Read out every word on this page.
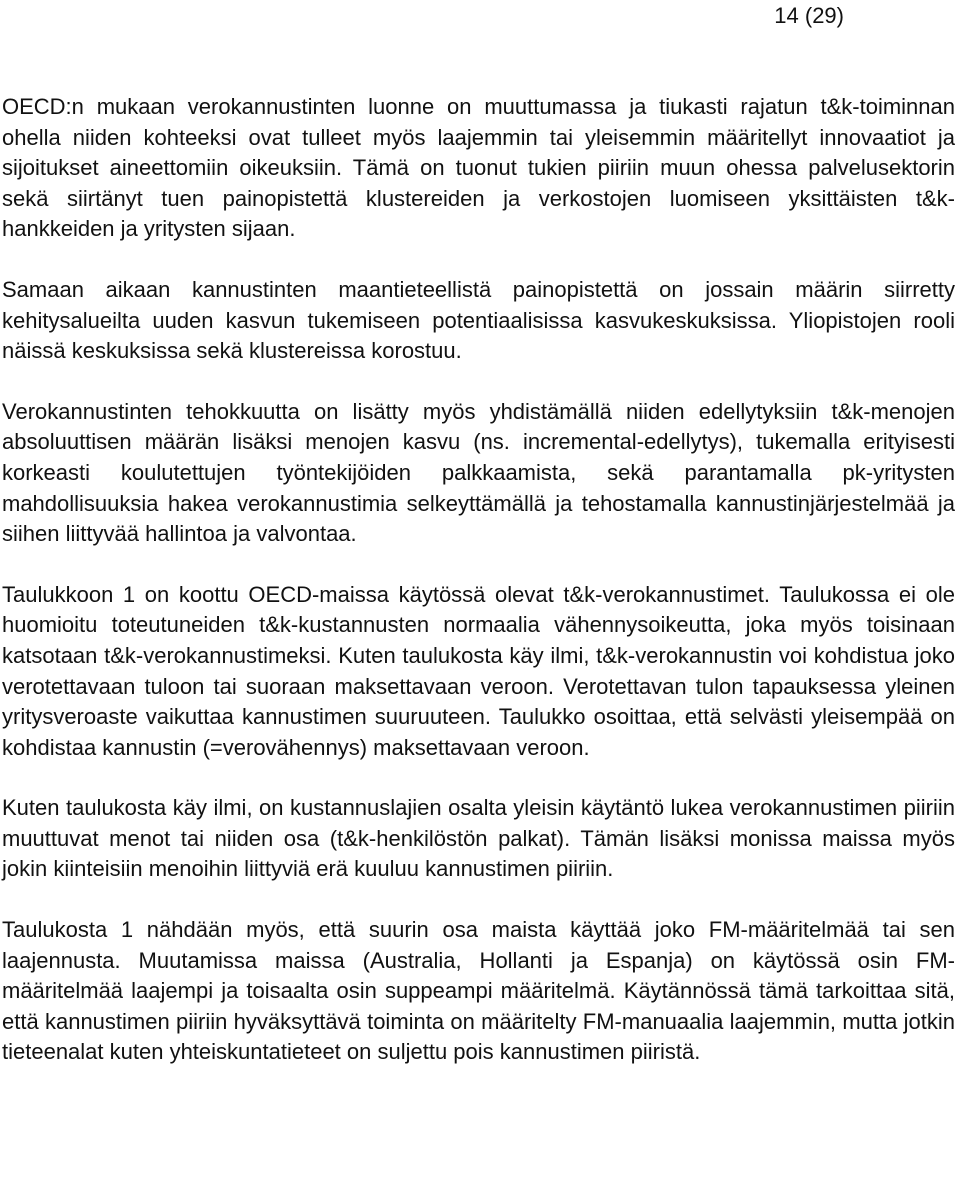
14 (29)

OECD:n mukaan verokannustinten luonne on muuttumassa ja tiukasti rajatun t&k-toiminnan ohella niiden kohteeksi ovat tulleet myös laajemmin tai yleisemmin määritellyt innovaatiot ja sijoitukset aineettomiin oikeuksiin. Tämä on tuonut tukien piiriin muun ohessa palvelusektorin sekä siirtänyt tuen painopistettä klustereiden ja verkostojen luomiseen yksittäisten t&k-hankkeiden ja yritysten sijaan.

Samaan aikaan kannustinten maantieteellistä painopistettä on jossain määrin siirretty kehitysalueilta uuden kasvun tukemiseen potentiaalisissa kasvukeskuksissa. Yliopistojen rooli näissä keskuksissa sekä klustereissa korostuu.

Verokannustinten tehokkuutta on lisätty myös yhdistämällä niiden edellytyksiin t&k-menojen absoluuttisen määrän lisäksi menojen kasvu (ns. incremental-edellytys), tukemalla erityisesti korkeasti koulutettujen työntekijöiden palkkaamista, sekä parantamalla pk-yritysten mahdollisuuksia hakea verokannustimia selkeyttämällä ja tehostamalla kannustinjärjestelmää ja siihen liittyvää hallintoa ja valvontaa.

Taulukkoon 1 on koottu OECD-maissa käytössä olevat t&k-verokannustimet. Taulukossa ei ole huomioitu toteutuneiden t&k-kustannusten normaalia vähennysoikeutta, joka myös toisinaan katsotaan t&k-verokannustimeksi. Kuten taulukosta käy ilmi, t&k-verokannustin voi kohdistua joko verotettavaan tuloon tai suoraan maksettavaan veroon. Verotettavan tulon tapauksessa yleinen yritysveroaste vaikuttaa kannustimen suuruuteen. Taulukko osoittaa, että selvästi yleisempää on kohdistaa kannustin (=verovähennys) maksettavaan veroon.

Kuten taulukosta käy ilmi, on kustannuslajien osalta yleisin käytäntö lukea verokannustimen piiriin muuttuvat menot tai niiden osa (t&k-henkilöstön palkat). Tämän lisäksi monissa maissa myös jokin kiinteisiin menoihin liittyviä erä kuuluu kannustimen piiriin.

Taulukosta 1 nähdään myös, että suurin osa maista käyttää joko FM-määritelmää tai sen laajennusta. Muutamissa maissa (Australia, Hollanti ja Espanja) on käytössä osin FM-määritelmää laajempi ja toisaalta osin suppeampi määritelmä. Käytännössä tämä tarkoittaa sitä, että kannustimen piiriin hyväksyttävä toiminta on määritelty FM-manuaalia laajemmin, mutta jotkin tieteenalat kuten yhteiskuntatieteet on suljettu pois kannustimen piiristä.
